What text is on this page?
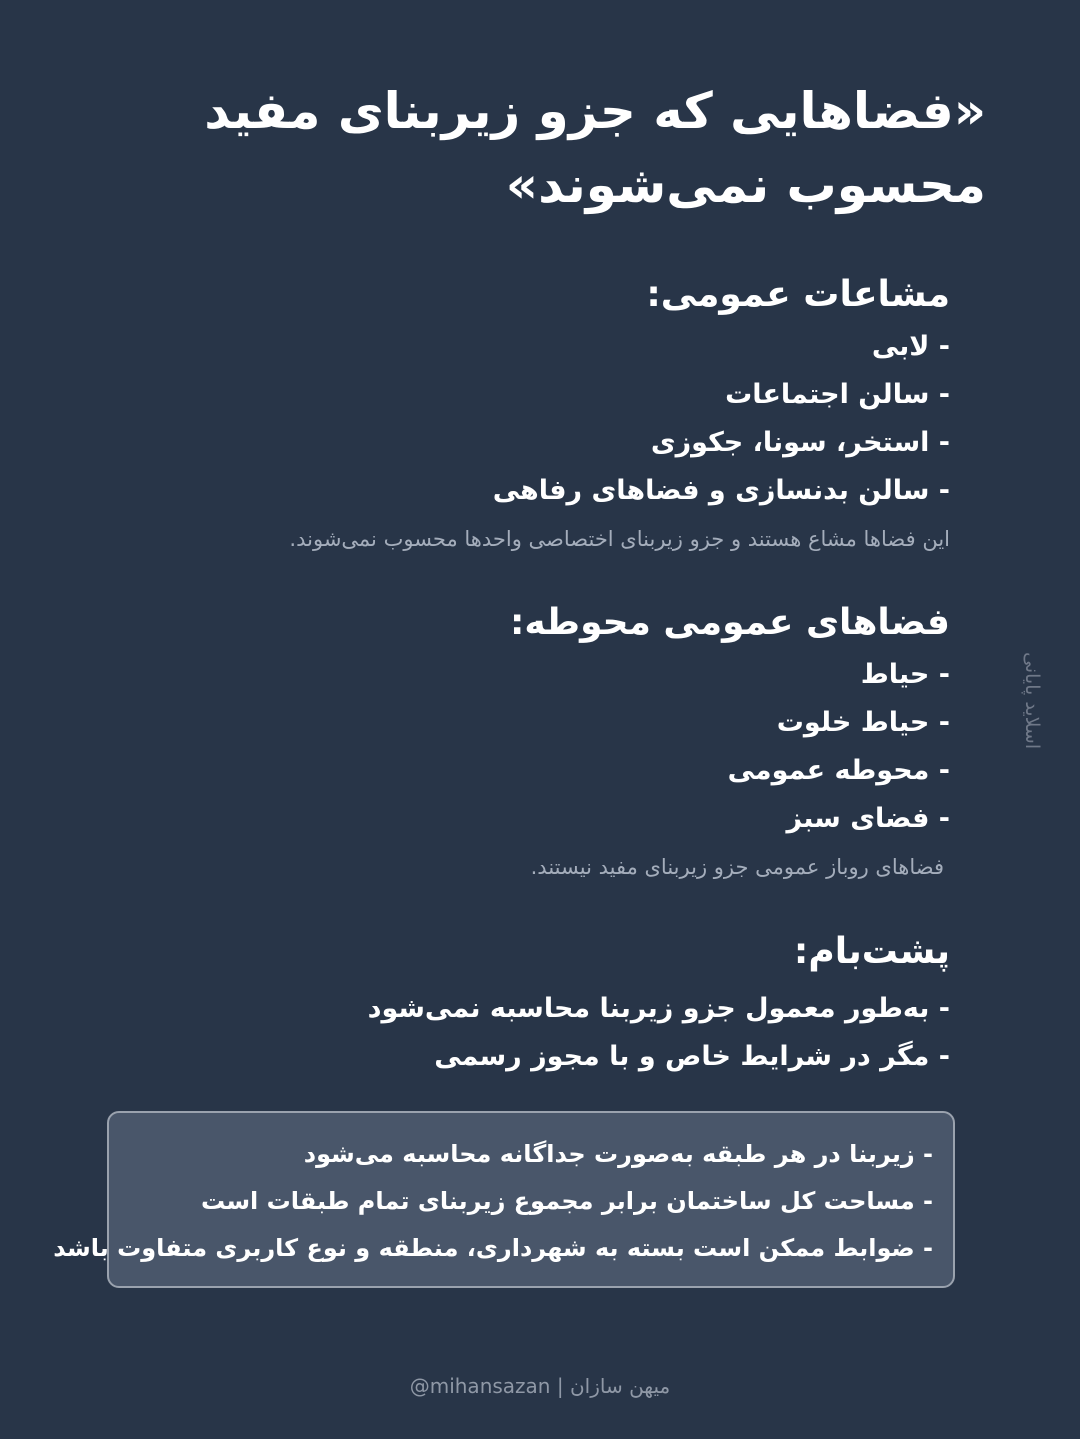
«فضاهایی که جزو زیربنای مفید
محسوب نمی‌شوند»
مشاعات عمومی:
- لابی
- سالن اجتماعات
- استخر، سونا، جکوزی
- سالن بدنسازی و فضاهای رفاهی

این فضاها مشاع هستند و جزو زیربنای اختصاصی واحدها محسوب نمی‌شوند.

فضاهای عمومی محوطه:
- حیاط
- حیاط خلوت
- محوطه عمومی
- فضای سبز

فضاهای روباز عمومی جزو زیربنای مفید نیستند.

پشت‌بام:
- به‌طور معمول جزو زیربنا محاسبه نمی‌شود
- مگر در شرایط خاص و با مجوز رسمی
- زیربنا در هر طبقه به‌صورت جداگانه محاسبه می‌شود
- مساحت کل ساختمان برابر مجموع زیربنای تمام طبقات است
- ضوابط ممکن است بسته به شهرداری، منطقه و نوع کاربری متفاوت باشد
اسلاید پایانی
@mihansazan | میهن سازان
